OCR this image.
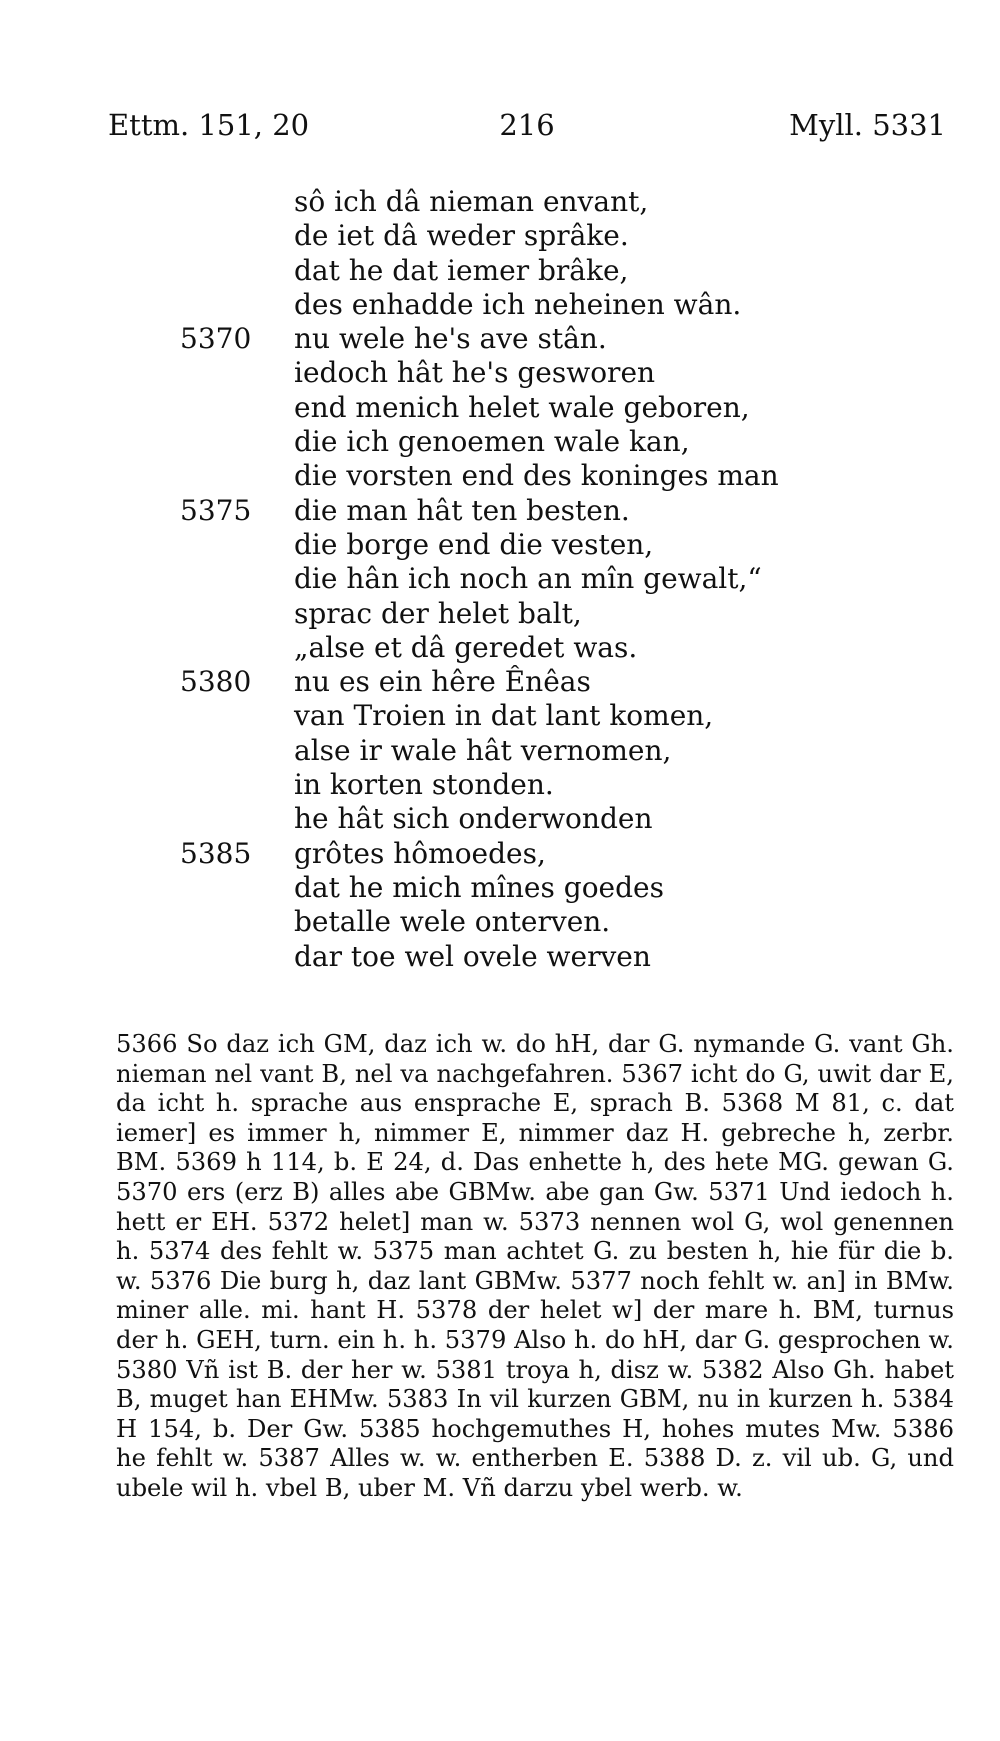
Ettm. 151, 20	216	Myll. 5331
sô ich dâ nieman envant,
de iet dâ weder sprâke.
dat he dat iemer brâke,
des enhadde ich neheinen wân.
5370	nu wele he's ave stân.
iedoch hât he's gesworen
end menich helet wale geboren,
die ich genoemen wale kan,
die vorsten end des koninges man
5375	die man hât ten besten.
die borge end die vesten,
die hân ich noch an mîn gewalt,“
sprac der helet balt,
„alse et dâ geredet was.
5380	nu es ein hêre Ênêas
van Troien in dat lant komen,
alse ir wale hât vernomen,
in korten stonden.
he hât sich onderwonden
5385	grôtes hômoedes,
dat he mich mînes goedes
betalle wele onterven.
dar toe wel ovele werven

5366 So daz ich GM, daz ich w. do hH, dar G. nymande G. vant Gh. nieman nel vant B, nel va nachgefahren. 5367 icht do G, uwit dar E, da icht h. sprache aus ensprache E, sprach B. 5368 M 81, c. dat iemer] es immer h, nimmer E, nimmer daz H. gebreche h, zerbr. BM. 5369 h 114, b. E 24, d. Das enhette h, des hete MG. gewan G. 5370 ers (erz B) alles abe GBMw. abe gan Gw. 5371 Und iedoch h. hett er EH. 5372 helet] man w. 5373 nennen wol G, wol genennen h. 5374 des fehlt w. 5375 man achtet G. zu besten h, hie für die b. w. 5376 Die burg h, daz lant GBMw. 5377 noch fehlt w. an] in BMw. miner alle. mi. hant H. 5378 der helet w] der mare h. BM, turnus der h. GEH, turn. ein h. h. 5379 Also h. do hH, dar G. gesprochen w. 5380 Vñ ist B. der her w. 5381 troya h, disz w. 5382 Also Gh. habet B, muget han EHMw. 5383 In vil kurzen GBM, nu in kurzen h. 5384 H 154, b. Der Gw. 5385 hochgemuthes H, hohes mutes Mw. 5386 he fehlt w. 5387 Alles w. w. entherben E. 5388 D. z. vil ub. G, und ubele wil h. vbel B, uber M. Vñ darzu ybel werb. w.
